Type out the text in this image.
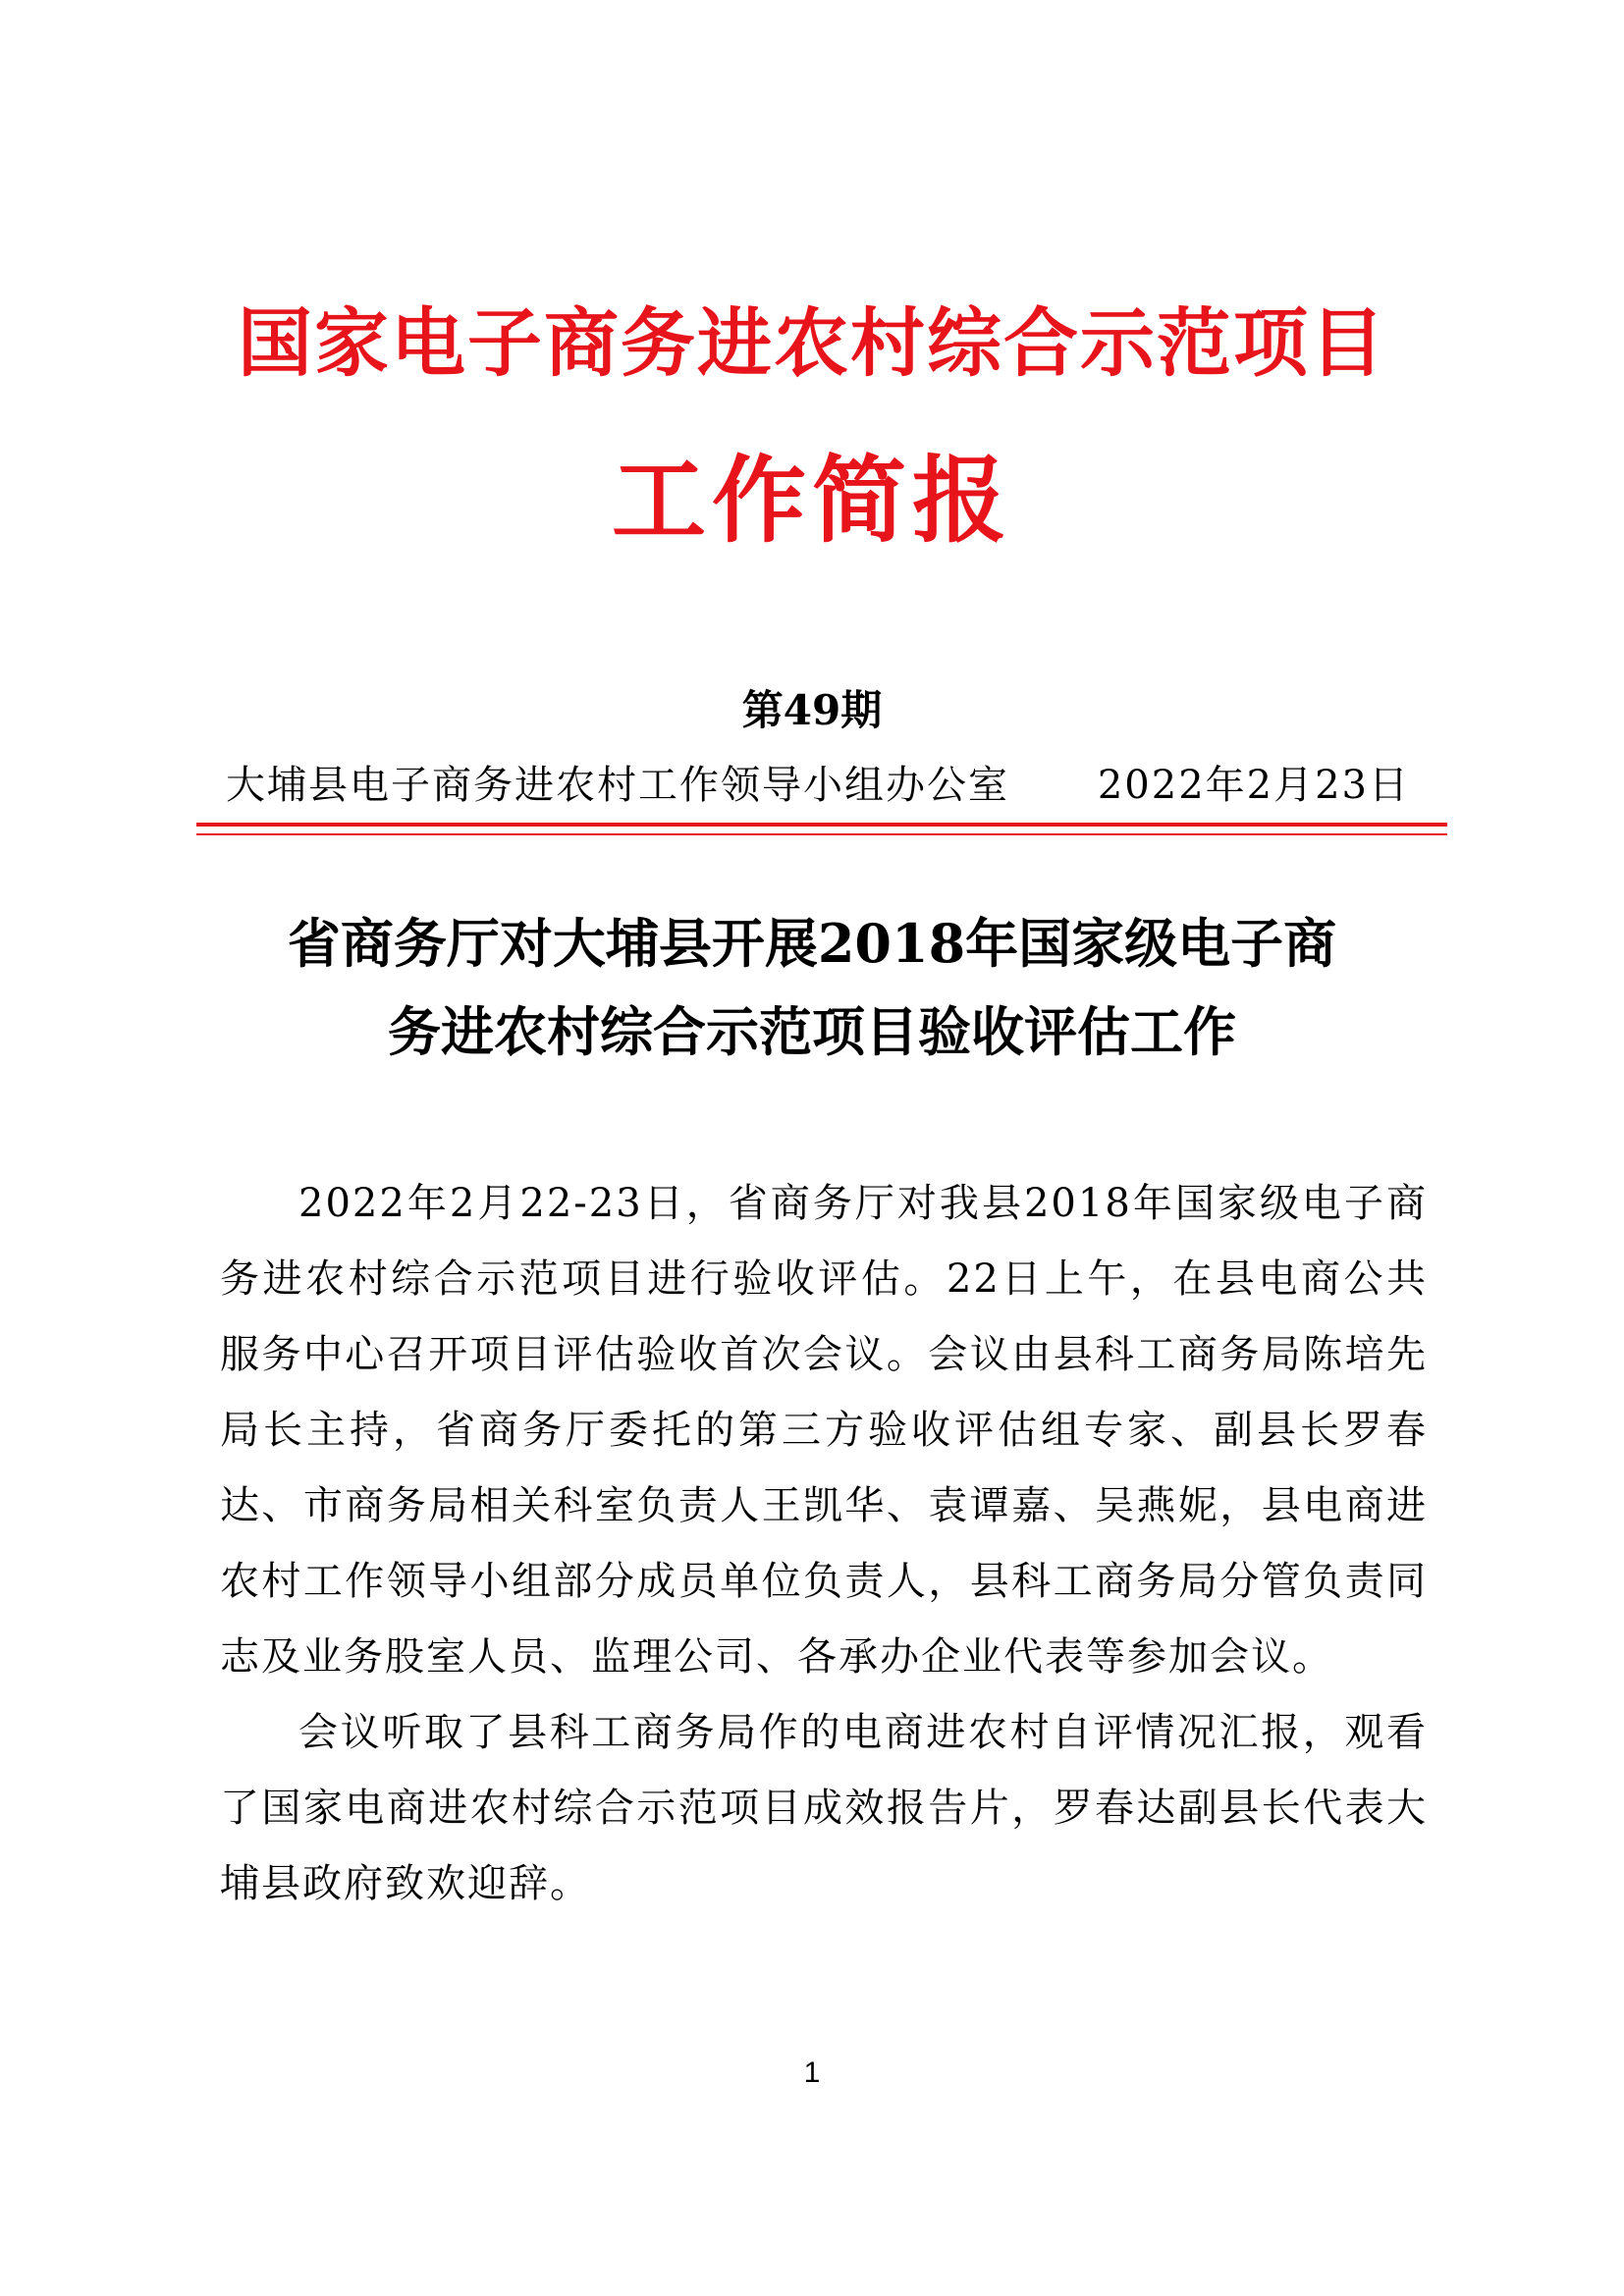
国家电子商务进农村综合示范项目
工作简报
第49期
大埔县电子商务进农村工作领导小组办公室 2022年2月23日
省商务厅对大埔县开展2018年国家级电子商
务进农村综合示范项目验收评估工作

2022年2月22-23日，省商务厅对我县2018年国家级电子商务进农村综合示范项目进行验收评估。22日上午，在县电商公共服务中心召开项目评估验收首次会议。会议由县科工商务局陈培先局长主持，省商务厅委托的第三方验收评估组专家、副县长罗春达、市商务局相关科室负责人王凯华、袁谭嘉、吴燕妮，县电商进农村工作领导小组部分成员单位负责人，县科工商务局分管负责同志及业务股室人员、监理公司、各承办企业代表等参加会议。

会议听取了县科工商务局作的电商进农村自评情况汇报，观看了国家电商进农村综合示范项目成效报告片，罗春达副县长代表大埔县政府致欢迎辞。

1
